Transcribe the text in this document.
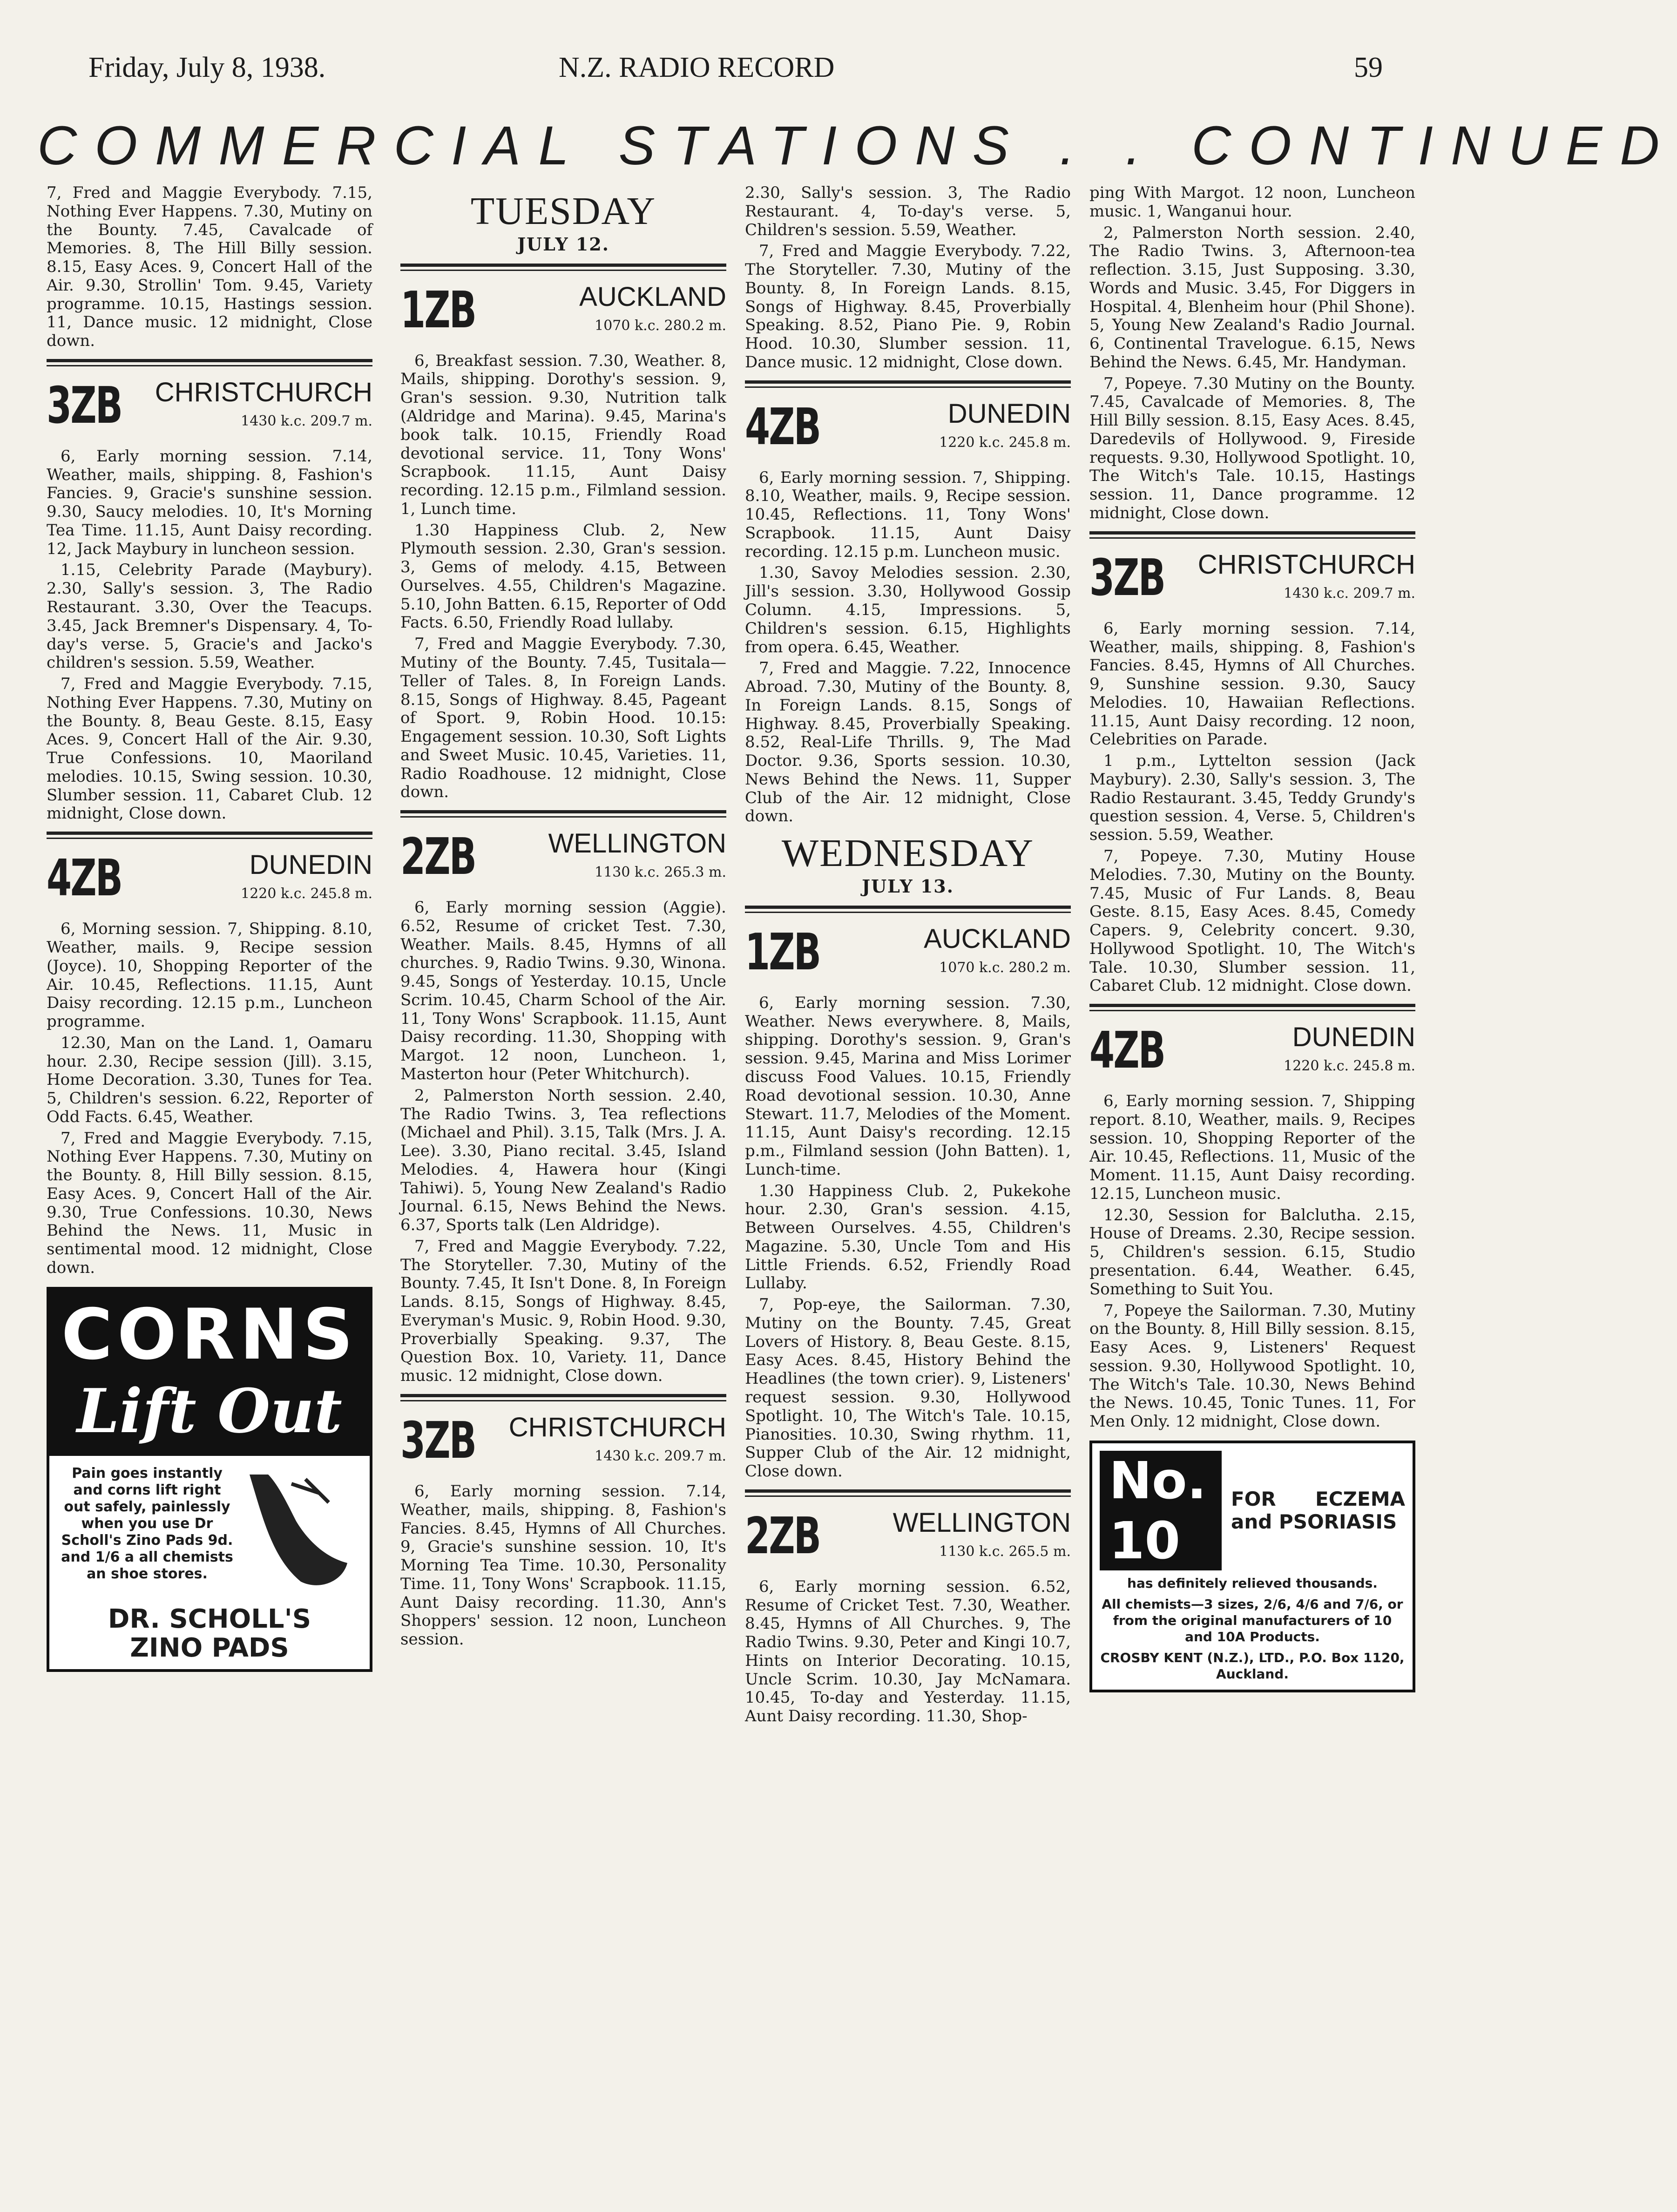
Friday, July 8, 1938.	N.Z. RADIO RECORD	59
COMMERCIAL STATIONS . . CONTINUED

7, Fred and Maggie Everybody. 7.15, Nothing Ever Happens. 7.30, Mutiny on the Bounty. 7.45, Cavalcade of Memories. 8, The Hill Billy session. 8.15, Easy Aces. 9, Concert Hall of the Air. 9.30, Strollin' Tom. 9.45, Variety programme. 10.15, Hastings session. 11, Dance music. 12 midnight, Close down.

3ZB CHRISTCHURCH
1430 k.c. 209.7 m.

6, Early morning session. 7.14, Weather, mails, shipping. 8, Fashion's Fancies. 9, Gracie's sunshine session. 9.30, Saucy melodies. 10, It's Morning Tea Time. 11.15, Aunt Daisy recording. 12, Jack Maybury in luncheon session.

1.15, Celebrity Parade (Maybury). 2.30, Sally's session. 3, The Radio Restaurant. 3.30, Over the Teacups. 3.45, Jack Bremner's Dispensary. 4, To-day's verse. 5, Gracie's and Jacko's children's session. 5.59, Weather.

7, Fred and Maggie Everybody. 7.15, Nothing Ever Happens. 7.30, Mutiny on the Bounty. 8, Beau Geste. 8.15, Easy Aces. 9, Concert Hall of the Air. 9.30, True Confessions. 10, Maoriland melodies. 10.15, Swing session. 10.30, Slumber session. 11, Cabaret Club. 12 midnight, Close down.

4ZB	DUNEDIN
1220 k.c. 245.8 m.

6, Morning session. 7, Shipping. 8.10, Weather, mails. 9, Recipe session (Joyce). 10, Shopping Reporter of the Air. 10.45, Reflections. 11.15, Aunt Daisy recording. 12.15 p.m., Luncheon programme.

12.30, Man on the Land. 1, Oamaru hour. 2.30, Recipe session (Jill). 3.15, Home Decoration. 3.30, Tunes for Tea. 5, Children's session. 6.22, Reporter of Odd Facts. 6.45, Weather.

7, Fred and Maggie Everybody. 7.15, Nothing Ever Happens. 7.30, Mutiny on the Bounty. 8, Hill Billy session. 8.15, Easy Aces. 9, Concert Hall of the Air. 9.30, True Confessions. 10.30, News Behind the News. 11, Music in sentimental mood. 12 midnight, Close down.

CORNS
Lift Out
Pain goes instantly and corns lift right out safely, painlessly when you use Dr Scholl's Zino Pads 9d. and 1/6 a all chemists an shoe stores.
DR. SCHOLL'S
ZINO PADS
TUESDAY
JULY 12.
1ZB	AUCKLAND
1070 k.c. 280.2 m.

6, Breakfast session. 7.30, Weather. 8, Mails, shipping. Dorothy's session. 9, Gran's session. 9.30, Nutrition talk (Aldridge and Marina). 9.45, Marina's book talk. 10.15, Friendly Road devotional service. 11, Tony Wons' Scrapbook. 11.15, Aunt Daisy recording. 12.15 p.m., Filmland session. 1, Lunch time.

1.30 Happiness Club. 2, New Plymouth session. 2.30, Gran's session. 3, Gems of melody. 4.15, Between Ourselves. 4.55, Children's Magazine. 5.10, John Batten. 6.15, Reporter of Odd Facts. 6.50, Friendly Road lullaby.

7, Fred and Maggie Everybody. 7.30, Mutiny of the Bounty. 7.45, Tusitala—Teller of Tales. 8, In Foreign Lands. 8.15, Songs of Highway. 8.45, Pageant of Sport. 9, Robin Hood. 10.15: Engagement session. 10.30, Soft Lights and Sweet Music. 10.45, Varieties. 11, Radio Roadhouse. 12 midnight, Close down.

2ZB	WELLINGTON
1130 k.c. 265.3 m.

6, Early morning session (Aggie). 6.52, Resume of cricket Test. 7.30, Weather. Mails. 8.45, Hymns of all churches. 9, Radio Twins. 9.30, Winona. 9.45, Songs of Yesterday. 10.15, Uncle Scrim. 10.45, Charm School of the Air. 11, Tony Wons' Scrapbook. 11.15, Aunt Daisy recording. 11.30, Shopping with Margot. 12 noon, Luncheon. 1, Masterton hour (Peter Whitchurch).

2, Palmerston North session. 2.40, The Radio Twins. 3, Tea reflections (Michael and Phil). 3.15, Talk (Mrs. J. A. Lee). 3.30, Piano recital. 3.45, Island Melodies. 4, Hawera hour (Kingi Tahiwi). 5, Young New Zealand's Radio Journal. 6.15, News Behind the News. 6.37, Sports talk (Len Aldridge).

7, Fred and Maggie Everybody. 7.22, The Storyteller. 7.30, Mutiny of the Bounty. 7.45, It Isn't Done. 8, In Foreign Lands. 8.15, Songs of Highway. 8.45, Everyman's Music. 9, Robin Hood. 9.30, Proverbially Speaking. 9.37, The Question Box. 10, Variety. 11, Dance music. 12 midnight, Close down.

3ZB CHRISTCHURCH
1430 k.c. 209.7 m.

6, Early morning session. 7.14, Weather, mails, shipping. 8, Fashion's Fancies. 8.45, Hymns of All Churches. 9, Gracie's sunshine session. 10, It's Morning Tea Time. 10.30, Personality Time. 11, Tony Wons' Scrapbook. 11.15, Aunt Daisy recording. 11.30, Ann's Shoppers' session. 12 noon, Luncheon session.

2.30, Sally's session. 3, The Radio Restaurant. 4, To-day's verse. 5, Children's session. 5.59, Weather.

7, Fred and Maggie Everybody. 7.22, The Storyteller. 7.30, Mutiny of the Bounty. 8, In Foreign Lands. 8.15, Songs of Highway. 8.45, Proverbially Speaking. 8.52, Piano Pie. 9, Robin Hood. 10.30, Slumber session. 11, Dance music. 12 midnight, Close down.

4ZB	DUNEDIN
1220 k.c. 245.8 m.

6, Early morning session. 7, Shipping. 8.10, Weather, mails. 9, Recipe session. 10.45, Reflections. 11, Tony Wons' Scrapbook. 11.15, Aunt Daisy recording. 12.15 p.m. Luncheon music.

1.30, Savoy Melodies session. 2.30, Jill's session. 3.30, Hollywood Gossip Column. 4.15, Impressions. 5, Children's session. 6.15, Highlights from opera. 6.45, Weather.

7, Fred and Maggie. 7.22, Innocence Abroad. 7.30, Mutiny of the Bounty. 8, In Foreign Lands. 8.15, Songs of Highway. 8.45, Proverbially Speaking. 8.52, Real-Life Thrills. 9, The Mad Doctor. 9.36, Sports session. 10.30, News Behind the News. 11, Supper Club of the Air. 12 midnight, Close down.

WEDNESDAY
JULY 13.
1ZB	AUCKLAND
1070 k.c. 280.2 m.

6, Early morning session. 7.30, Weather. News everywhere. 8, Mails, shipping. Dorothy's session. 9, Gran's session. 9.45, Marina and Miss Lorimer discuss Food Values. 10.15, Friendly Road devotional session. 10.30, Anne Stewart. 11.7, Melodies of the Moment. 11.15, Aunt Daisy's recording. 12.15 p.m., Filmland session (John Batten). 1, Lunch-time.

1.30 Happiness Club. 2, Pukekohe hour. 2.30, Gran's session. 4.15, Between Ourselves. 4.55, Children's Magazine. 5.30, Uncle Tom and His Little Friends. 6.52, Friendly Road Lullaby.

7, Pop-eye, the Sailorman. 7.30, Mutiny on the Bounty. 7.45, Great Lovers of History. 8, Beau Geste. 8.15, Easy Aces. 8.45, History Behind the Headlines (the town crier). 9, Listeners' request session. 9.30, Hollywood Spotlight. 10, The Witch's Tale. 10.15, Pianosities. 10.30, Swing rhythm. 11, Supper Club of the Air. 12 midnight, Close down.

2ZB	WELLINGTON
1130 k.c. 265.5 m.

6, Early morning session. 6.52, Resume of Cricket Test. 7.30, Weather. 8.45, Hymns of All Churches. 9, The Radio Twins. 9.30, Peter and Kingi 10.7, Hints on Interior Decorating. 10.15, Uncle Scrim. 10.30, Jay McNamara. 10.45, To-day and Yesterday. 11.15, Aunt Daisy recording. 11.30, Shop-

ping With Margot. 12 noon, Luncheon music. 1, Wanganui hour.

2, Palmerston North session. 2.40, The Radio Twins. 3, Afternoon-tea reflection. 3.15, Just Supposing. 3.30, Words and Music. 3.45, For Diggers in Hospital. 4, Blenheim hour (Phil Shone). 5, Young New Zealand's Radio Journal. 6, Continental Travelogue. 6.15, News Behind the News. 6.45, Mr. Handyman.

7, Popeye. 7.30 Mutiny on the Bounty. 7.45, Cavalcade of Memories. 8, The Hill Billy session. 8.15, Easy Aces. 8.45, Daredevils of Hollywood. 9, Fireside requests. 9.30, Hollywood Spotlight. 10, The Witch's Tale. 10.15, Hastings session. 11, Dance programme. 12 midnight, Close down.

3ZB CHRISTCHURCH
1430 k.c. 209.7 m.

6, Early morning session. 7.14, Weather, mails, shipping. 8, Fashion's Fancies. 8.45, Hymns of All Churches. 9, Sunshine session. 9.30, Saucy Melodies. 10, Hawaiian Reflections. 11.15, Aunt Daisy recording. 12 noon, Celebrities on Parade.

1 p.m., Lyttelton session (Jack Maybury). 2.30, Sally's session. 3, The Radio Restaurant. 3.45, Teddy Grundy's question session. 4, Verse. 5, Children's session. 5.59, Weather.

7, Popeye. 7.30, Mutiny House Melodies. 7.30, Mutiny on the Bounty. 7.45, Music of Fur Lands. 8, Beau Geste. 8.15, Easy Aces. 8.45, Comedy Capers. 9, Celebrity concert. 9.30, Hollywood Spotlight. 10, The Witch's Tale. 10.30, Slumber session. 11, Cabaret Club. 12 midnight. Close down.

4ZB	DUNEDIN
1220 k.c. 245.8 m.

6, Early morning session. 7, Shipping report. 8.10, Weather, mails. 9, Recipes session. 10, Shopping Reporter of the Air. 10.45, Reflections. 11, Music of the Moment. 11.15, Aunt Daisy recording. 12.15, Luncheon music.

12.30, Session for Balclutha. 2.15, House of Dreams. 2.30, Recipe session. 5, Children's session. 6.15, Studio presentation. 6.44, Weather. 6.45, Something to Suit You.

7, Popeye the Sailorman. 7.30, Mutiny on the Bounty. 8, Hill Billy session. 8.15, Easy Aces. 9, Listeners' Request session. 9.30, Hollywood Spotlight. 10, The Witch's Tale. 10.30, News Behind the News. 10.45, Tonic Tunes. 11, For Men Only. 12 midnight, Close down.

No. 10
FOR ECZEMA and PSORIASIS
has definitely relieved thousands.
All chemists—3 sizes, 2/6, 4/6 and 7/6, or from the original manufacturers of 10 and 10A Products.
CROSBY KENT (N.Z.), LTD., P.O. Box 1120, Auckland.
